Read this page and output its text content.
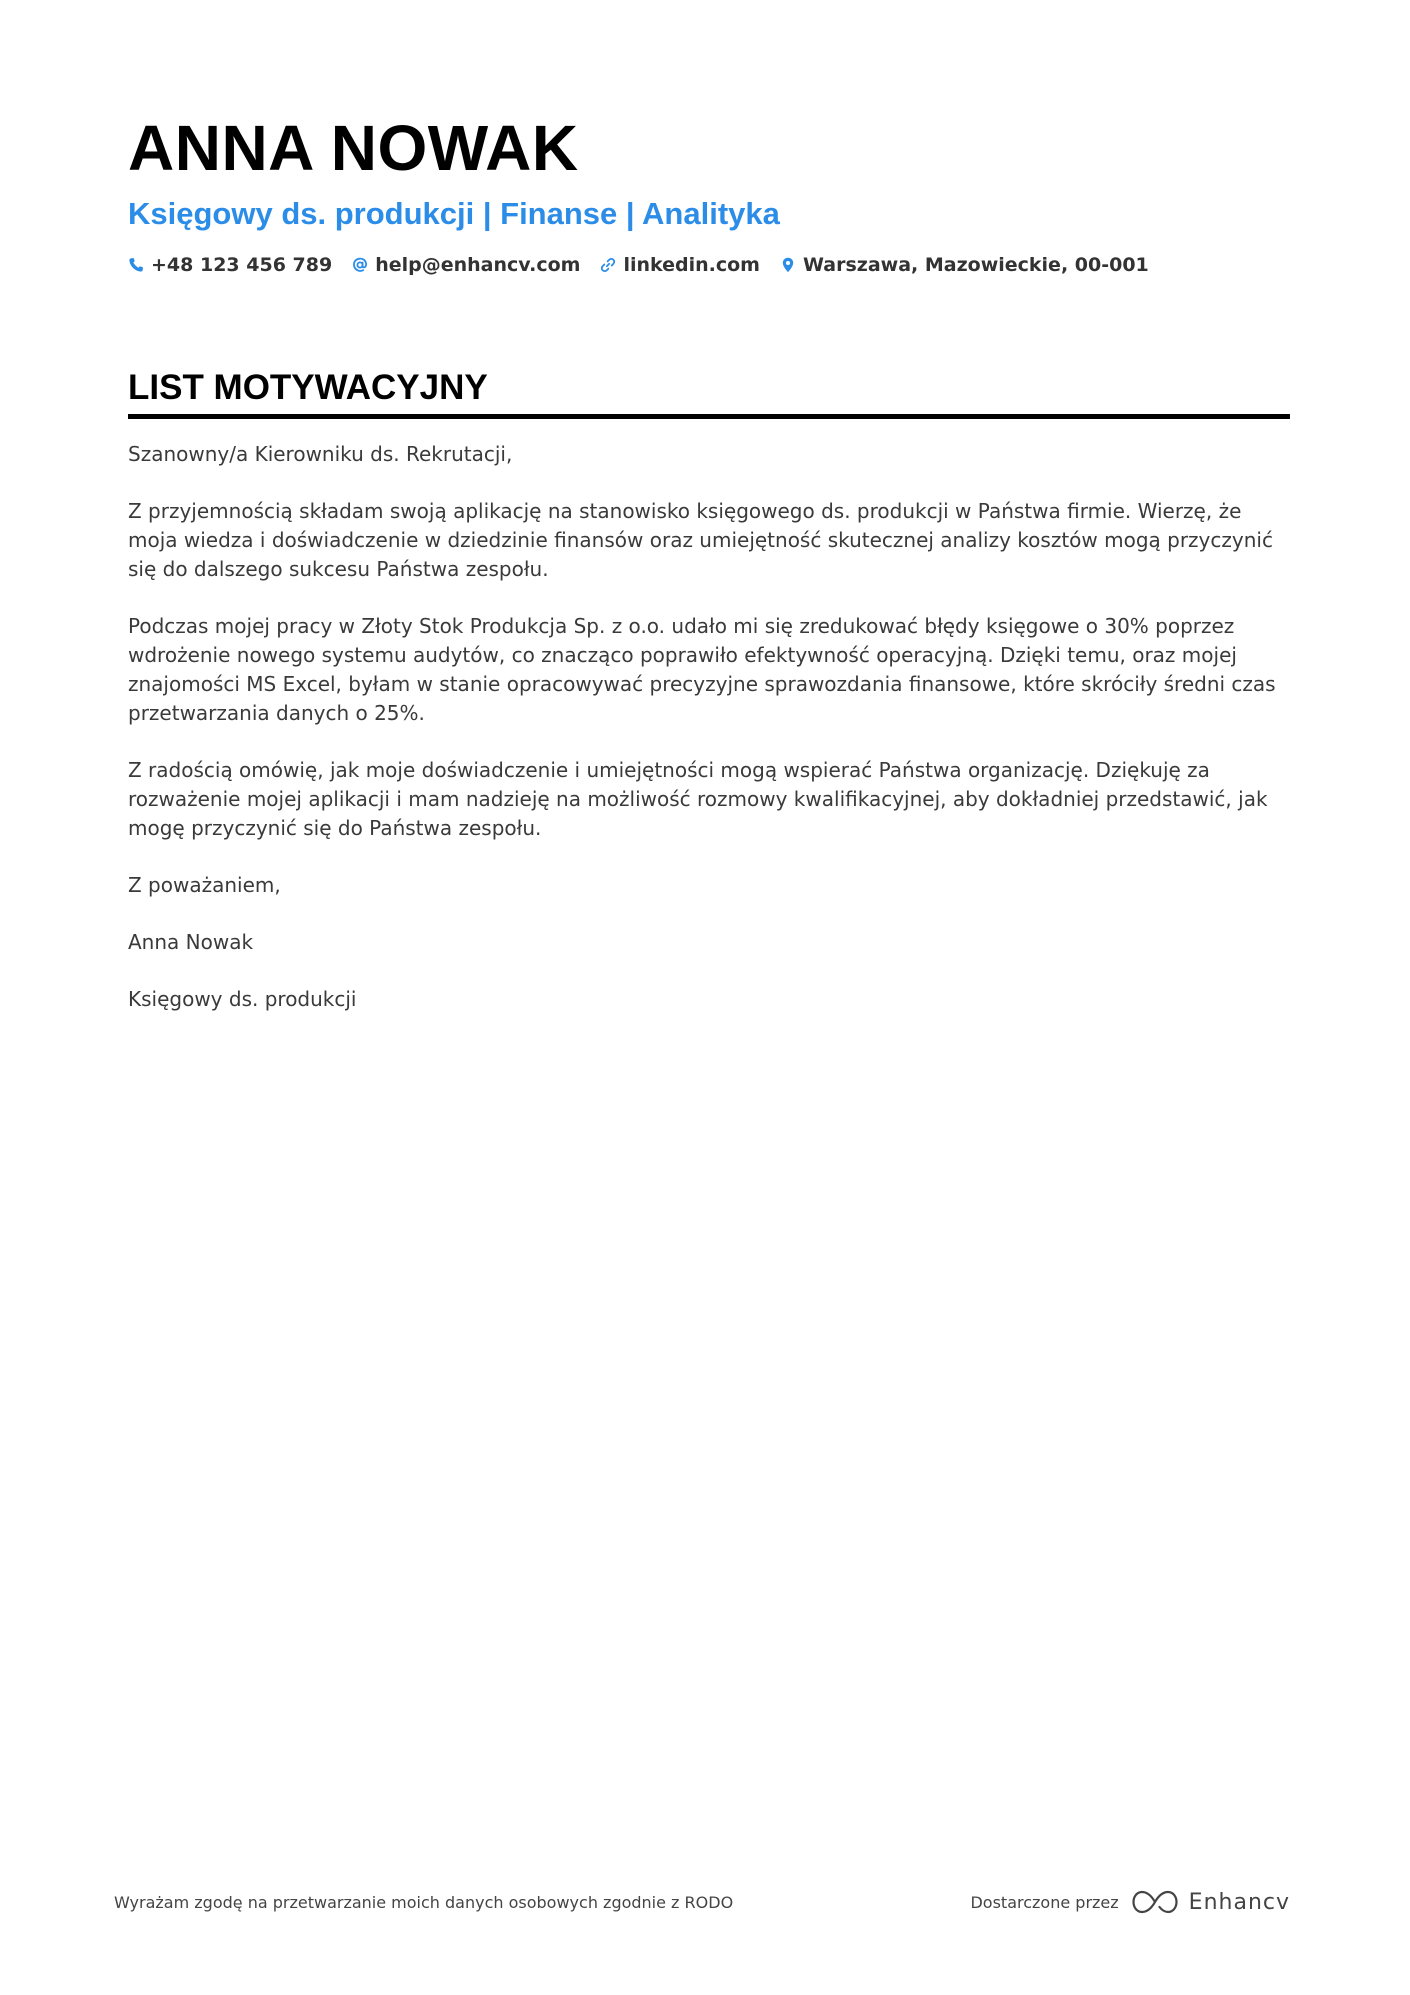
ANNA NOWAK
Księgowy ds. produkcji | Finanse | Analityka
+48 123 456 789 help@enhancv.com linkedin.com Warszawa, Mazowieckie, 00-001
LIST MOTYWACYJNY

Szanowny/a Kierowniku ds. Rekrutacji,

Z przyjemnością składam swoją aplikację na stanowisko księgowego ds. produkcji w Państwa firmie. Wierzę, że moja wiedza i doświadczenie w dziedzinie finansów oraz umiejętność skutecznej analizy kosztów mogą przyczynić się do dalszego sukcesu Państwa zespołu.

Podczas mojej pracy w Złoty Stok Produkcja Sp. z o.o. udało mi się zredukować błędy księgowe o 30% poprzez wdrożenie nowego systemu audytów, co znacząco poprawiło efektywność operacyjną. Dzięki temu, oraz mojej znajomości MS Excel, byłam w stanie opracowywać precyzyjne sprawozdania finansowe, które skróciły średni czas przetwarzania danych o 25%.

Z radością omówię, jak moje doświadczenie i umiejętności mogą wspierać Państwa organizację. Dziękuję za rozważenie mojej aplikacji i mam nadzieję na możliwość rozmowy kwalifikacyjnej, aby dokładniej przedstawić, jak mogę przyczynić się do Państwa zespołu.

Z poważaniem,

Anna Nowak

Księgowy ds. produkcji

Wyrażam zgodę na przetwarzanie moich danych osobowych zgodnie z RODO	Dostarczone przez	Enhancv
